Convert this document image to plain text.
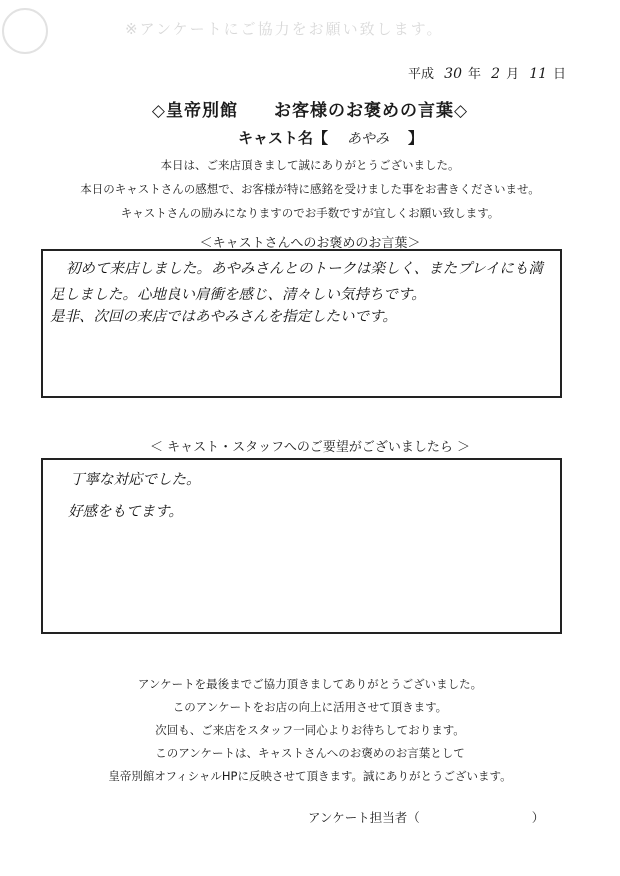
※アンケートにご協力をお願い致します。
平成 30 年 2 月 11 日
◇皇帝別館　　お客様のお褒めの言葉◇
キャスト名【 あやみ 】
本日は、ご来店頂きまして誠にありがとうございました。
本日のキャストさんの感想で、お客様が特に感銘を受けました事をお書きくださいませ。
キャストさんの励みになりますのでお手数ですが宜しくお願い致します。
＜キャストさんへのお褒めのお言葉＞
初めて来店しました。あやみさんとのトークは楽しく、またプレイにも満
足しました。心地良い肩衝を感じ、清々しい気持ちです。
是非、次回の来店ではあやみさんを指定したいです。
＜ キャスト・スタッフへのご要望がございましたら ＞
丁寧な対応でした。
好感をもてます。
アンケートを最後までご協力頂きましてありがとうございました。
このアンケートをお店の向上に活用させて頂きます。
次回も、ご来店をスタッフ一同心よりお待ちしております。
このアンケートは、キャストさんへのお褒めのお言葉として
皇帝別館オフィシャルHPに反映させて頂きます。誠にありがとうございます。
アンケート担当者（	）
